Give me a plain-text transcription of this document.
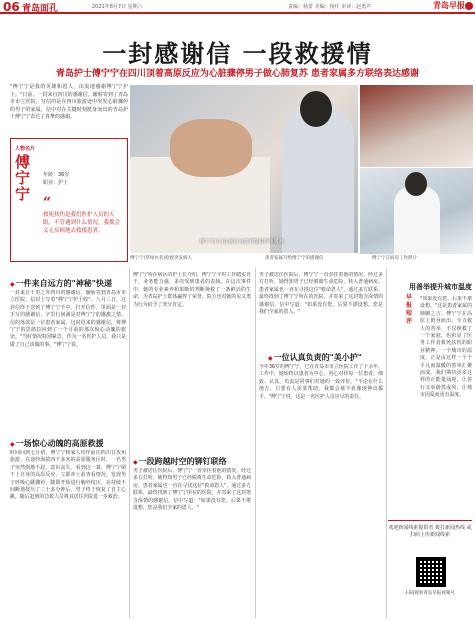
06 青岛面孔	2021年8月7日 星期六	责编：杨蕾 美编：杨佳 审读：赵勇声	青岛早报
一封感谢信 一段救援情
青岛护士傅宁宁在四川顶着高原反应为心脏骤停男子做心肺复苏 患者家属多方联络表达感谢
"傅宁宁是我的英雄和恩人，由衷地感谢傅宁宁护士。"日前，一封来自四川的感谢信，辗转寄到了青岛市市立医院。写信的是在四川旅游途中突发心脏骤停的男子的家属，信中对在关键时刻挺身而出的青岛护士傅宁宁表达了真挚的感谢。
人物名片
傅宁宁
年龄：36岁
职业：护士
“
救死扶伤是我们医护人员的天职，不管遇到什么情况，我都会义无反顾地去救援患者。
傅宁宁(左)在病房为患者提供护理服务。
傅宁宁(穿绿衣者)抢救突发病人	患者家属写给傅宁宁的感谢信	傅宁宁在病房工作照片
◆一件来自远方的"神秘"快递
一封来自千里之外四川的感谢信，辗转寄到青岛市市立医院，信封上写着"傅宁宁护士收"。八月三日，这封信终于送到了傅宁宁手中。打开信件，里面是一封手写的感谢信，字里行间满是对傅宁宁的感激之情。信的落款是一位患者家属。这封迟来的感谢信，将傅宁宁的思绪拉回到了一个月前的那次惊心动魄的旅途。"当时情况特别紧急，作为一名医护人员，我只是做了自己该做的事。"傅宁宁说。
◆一场惊心动魄的高原救援
时间回到七月初，傅宁宁和家人结伴前往四川甘孜州旅游。在途经海拔四千多米的高原服务区时，一名男子突然倒地不起、意识丧失。看到这一幕，傅宁宁顾不上自身的高原反应，立即冲上前查看情况，发现男子呼吸心跳骤停，随即开始进行胸外按压。在持续不间断地按压了二十多分钟后，男子终于恢复了自主心跳。随后赶到的急救人员将其送往医院进一步救治。
傅宁宁所在病区的护士长介绍，傅宁宁平时工作踏实肯干，业务能力强，多次受到患者的表扬。在这次事件中，她的专业素养和果断的判断挽救了一条鲜活的生命，为青岛护士群体赢得了荣誉。院方也对她的见义勇为行为给予了充分肯定。
◆一段跨越时空的铆钉联络
男子被送往医院后，傅宁宁一直牵挂着他的情况。经过多方打听，她得知男子已经脱离生命危险，转入普通病房。患者家属也一直在寻找这位"救命恩人"，通过多方联系，最终找到了傅宁宁所在的医院，并寄来了这封饱含深情的感谢信。信中写道："如果没有您，后果不堪设想，您是我们全家的恩人。"
男子被送往医院后，傅宁宁一直牵挂着他的情况。经过多方打听，她得知男子已经脱离生命危险，转入普通病房。患者家属也一直在寻找这位"救命恩人"，通过多方联系，最终找到了傅宁宁所在的医院，并寄来了这封饱含深情的感谢信。信中写道："如果没有您，后果不堪设想，您是我们全家的恩人。"
◆一位认真负责的"美小护"
今年36岁的傅宁宁，已在青岛市市立医院工作了十余年。工作中，她始终以患者为中心，用心对待每一位患者，细致、认真、负责是同事们对她的一致评价。"不论在什么地方，只要有人需要帮助，我都会毫不犹豫地伸出援手。"傅宁宁说，这是一名医护人员应尽的责任。
用善举提升城市温度
早报短评
"如果没有您，后果不堪设想。"这是患者家属的肺腑之言。傅宁宁在高原上挺身而出、全力救人的善举，不仅挽救了一个家庭，也彰显了医务工作者救死扶伤的职业精神。一个城市的温度，正是由这样一个个平凡而温暖的善举汇聚而成。我们期待更多这样的正能量涌现，让善行义举蔚然成风，让城市因爱而更有温度。
欢迎新闻线索提供者 拨打新闻热线 或扫码上传新闻线索
扫码观看青岛早报视频号
